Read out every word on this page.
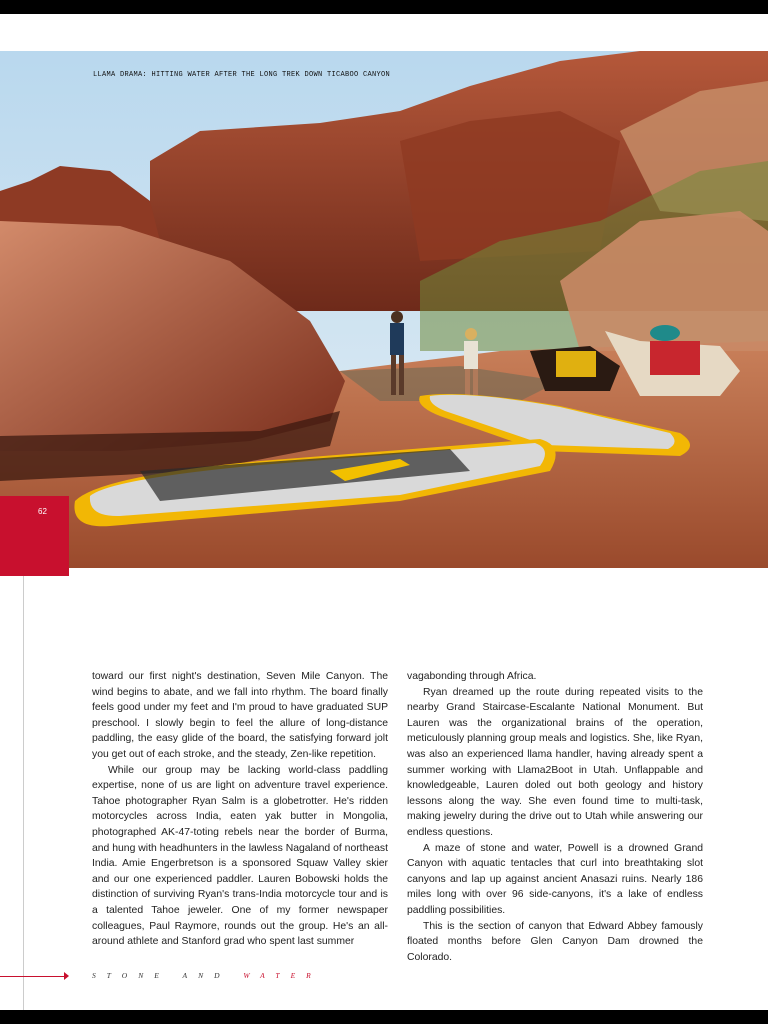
LLAMA DRAMA: HITTING WATER AFTER THE LONG TREK DOWN TICABOO CANYON
62

toward our first night's destination, Seven Mile Canyon. The wind begins to abate, and we fall into rhythm. The board finally feels good under my feet and I'm proud to have graduated SUP preschool. I slowly begin to feel the allure of long-distance paddling, the easy glide of the board, the satisfying forward jolt you get out of each stroke, and the steady, Zen-like repetition.

While our group may be lacking world-class paddling expertise, none of us are light on adventure travel experience. Tahoe photographer Ryan Salm is a globetrotter. He's ridden motorcycles across India, eaten yak butter in Mongolia, photographed AK-47-toting rebels near the border of Burma, and hung with headhunters in the lawless Nagaland of northeast India. Amie Engerbretson is a sponsored Squaw Valley skier and our one experienced paddler. Lauren Bobowski holds the distinction of surviving Ryan's trans-India motorcycle tour and is a talented Tahoe jeweler. One of my former newspaper colleagues, Paul Raymore, rounds out the group. He's an all-around athlete and Stanford grad who spent last summer

vagabonding through Africa.

Ryan dreamed up the route during repeated visits to the nearby Grand Staircase-Escalante National Monument. But Lauren was the organizational brains of the operation, meticulously planning group meals and logistics. She, like Ryan, was also an experienced llama handler, having already spent a summer working with Llama2Boot in Utah. Unflappable and knowledgeable, Lauren doled out both geology and history lessons along the way. She even found time to multi-task, making jewelry during the drive out to Utah while answering our endless questions.

A maze of stone and water, Powell is a drowned Grand Canyon with aquatic tentacles that curl into breathtaking slot canyons and lap up against ancient Anasazi ruins. Nearly 186 miles long with over 96 side-canyons, it's a lake of endless paddling possibilities.

This is the section of canyon that Edward Abbey famously floated months before Glen Canyon Dam drowned the Colorado.

STONE AND WATER
